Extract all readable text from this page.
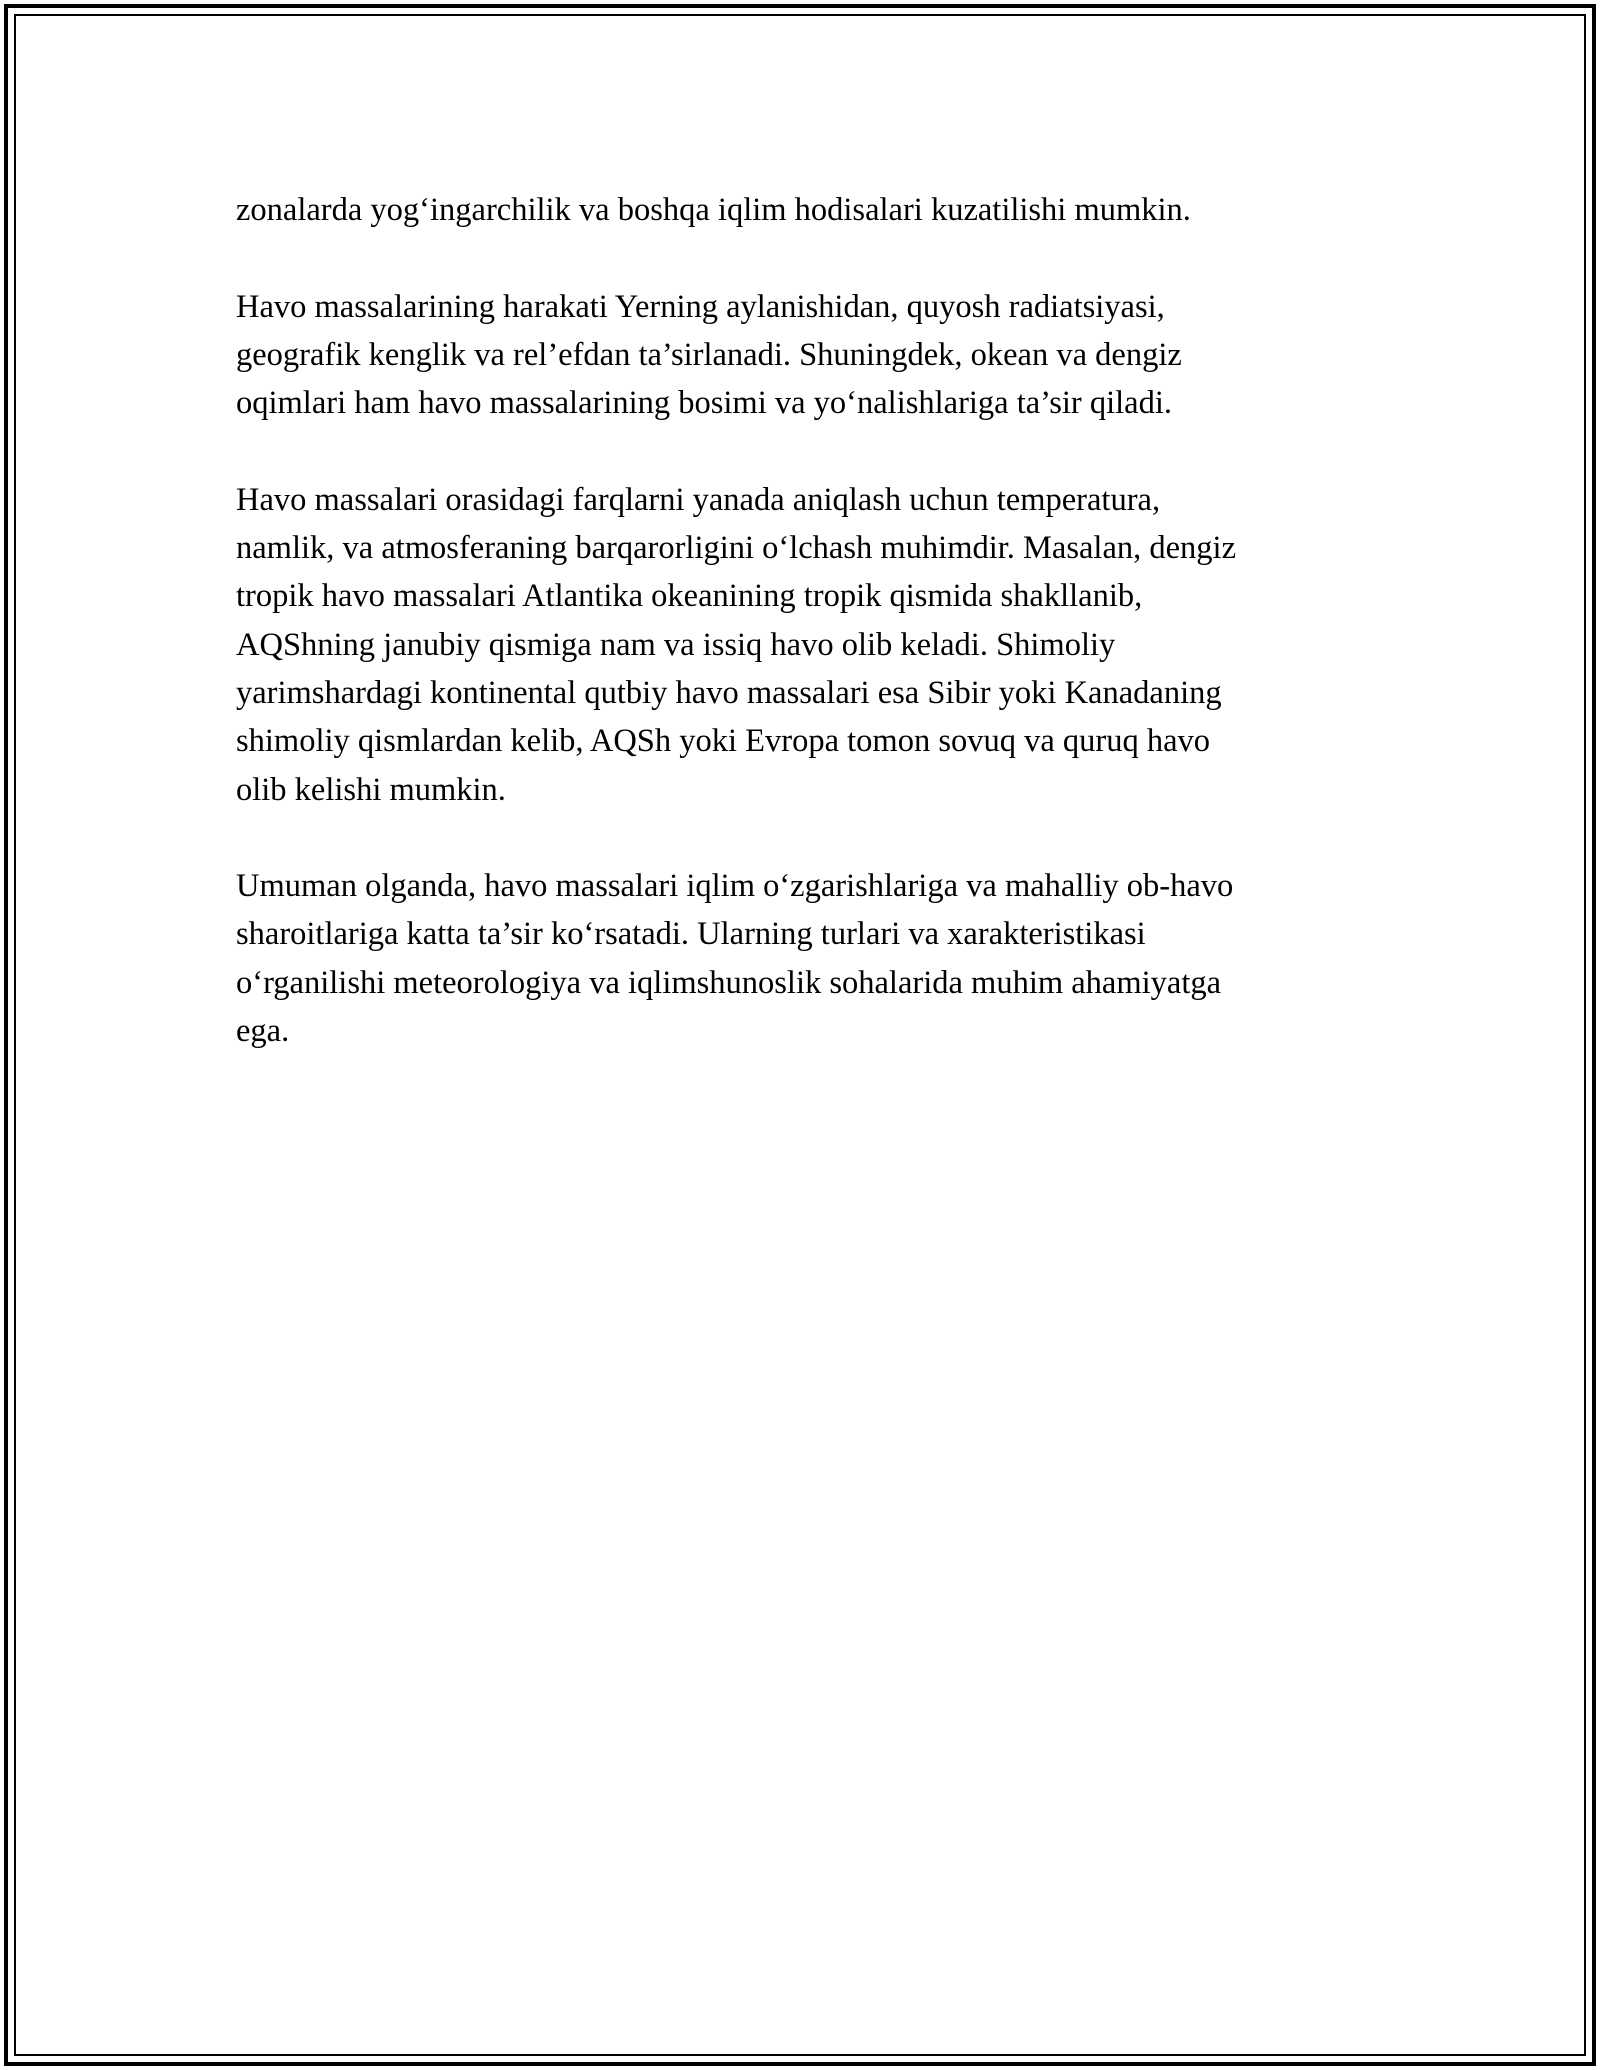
zonalarda yog‘ingarchilik va boshqa iqlim hodisalari kuzatilishi mumkin.

Havo massalarining harakati Yerning aylanishidan, quyosh radiatsiyasi,
geografik kenglik va rel’efdan ta’sirlanadi. Shuningdek, okean va dengiz
oqimlari ham havo massalarining bosimi va yo‘nalishlariga ta’sir qiladi.

Havo massalari orasidagi farqlarni yanada aniqlash uchun temperatura,
namlik, va atmosferaning barqarorligini o‘lchash muhimdir. Masalan, dengiz
tropik havo massalari Atlantika okeanining tropik qismida shakllanib,
AQShning janubiy qismiga nam va issiq havo olib keladi. Shimoliy
yarimshardagi kontinental qutbiy havo massalari esa Sibir yoki Kanadaning
shimoliy qismlardan kelib, AQSh yoki Evropa tomon sovuq va quruq havo
olib kelishi mumkin.

Umuman olganda, havo massalari iqlim o‘zgarishlariga va mahalliy ob-havo
sharoitlariga katta ta’sir ko‘rsatadi. Ularning turlari va xarakteristikasi
o‘rganilishi meteorologiya va iqlimshunoslik sohalarida muhim ahamiyatga
ega.
